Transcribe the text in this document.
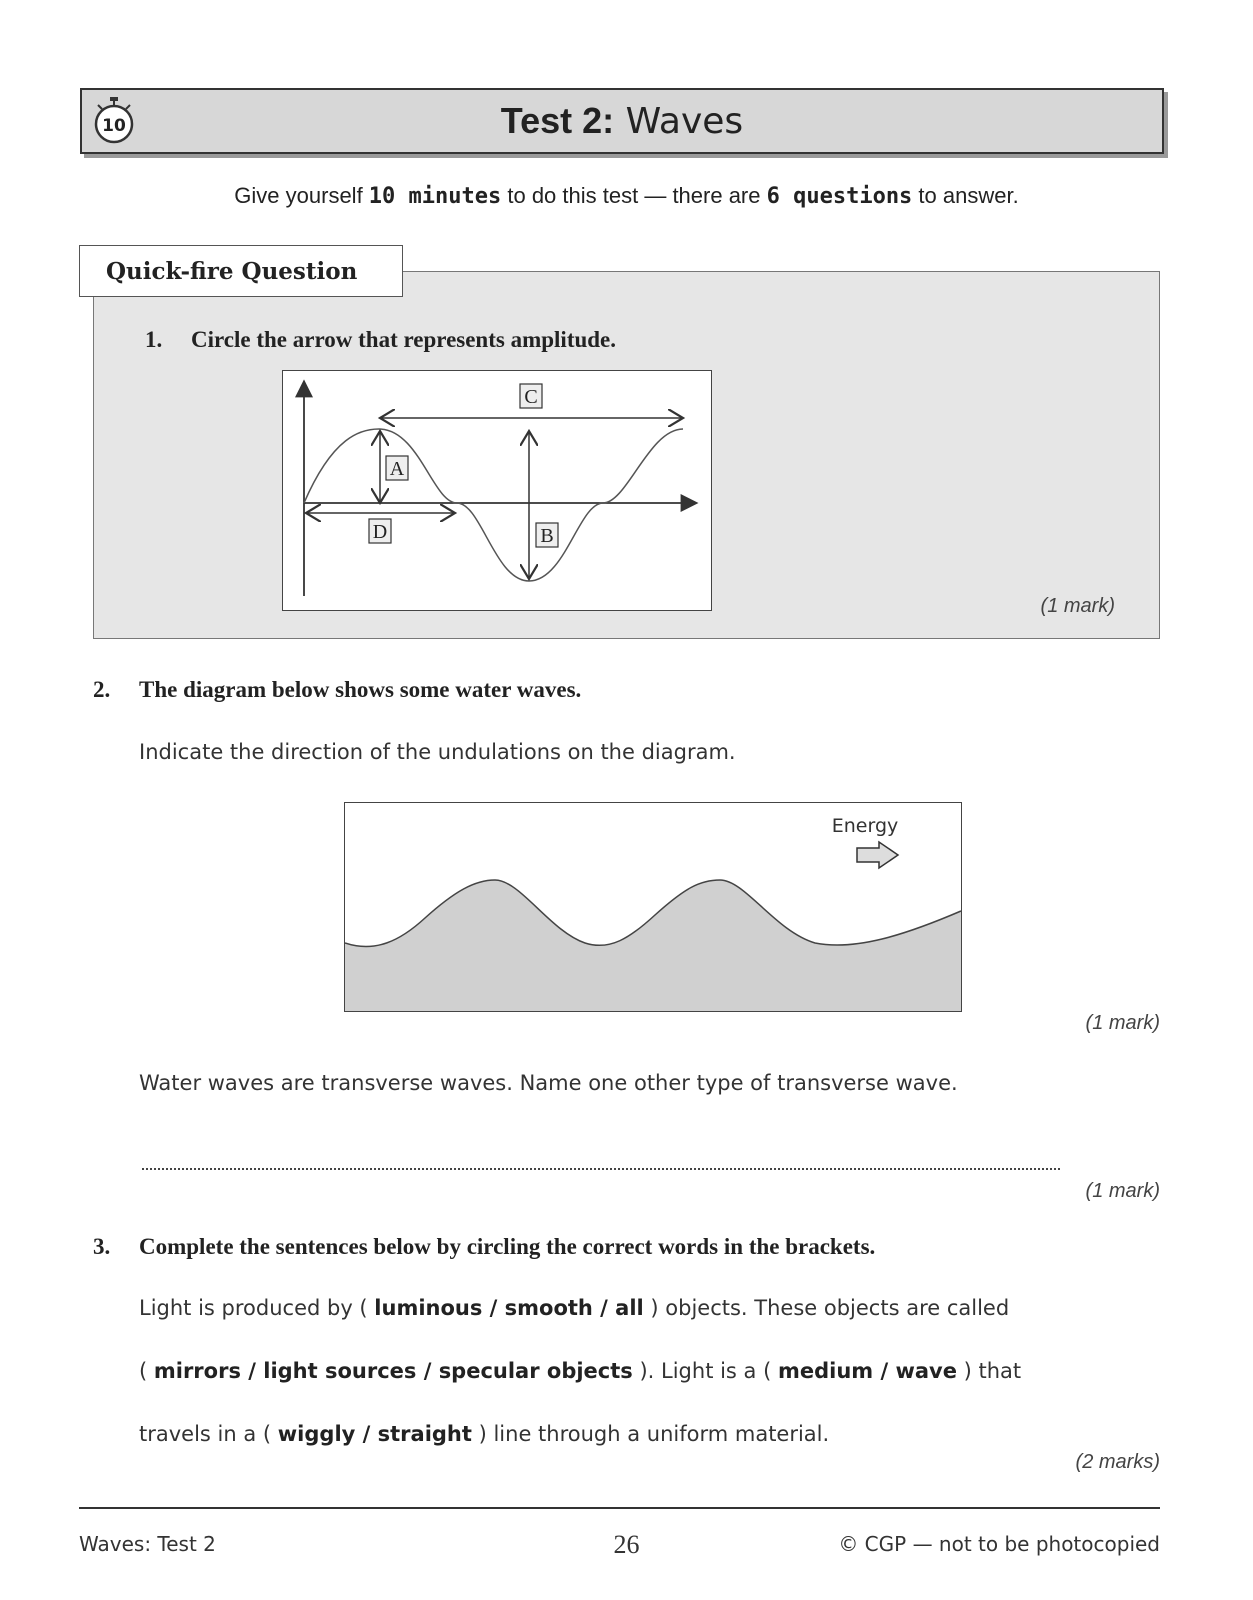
10	Test 2: Waves
Give yourself 10 minutes to do this test — there are 6 questions to answer.
Quick-fire Question
1. Circle the arrow that represents amplitude.
A
B
C
D
(1 mark)
2. The diagram below shows some water waves.
Indicate the direction of the undulations on the diagram.
Energy
(1 mark)
Water waves are transverse waves. Name one other type of transverse wave.
(1 mark)
3. Complete the sentences below by circling the correct words in the brackets.
Light is produced by ( luminous / smooth / all ) objects. These objects are called
( mirrors / light sources / specular objects ). Light is a ( medium / wave ) that
travels in a ( wiggly / straight ) line through a uniform material.
(2 marks)
Waves: Test 2	26	© CGP — not to be photocopied
